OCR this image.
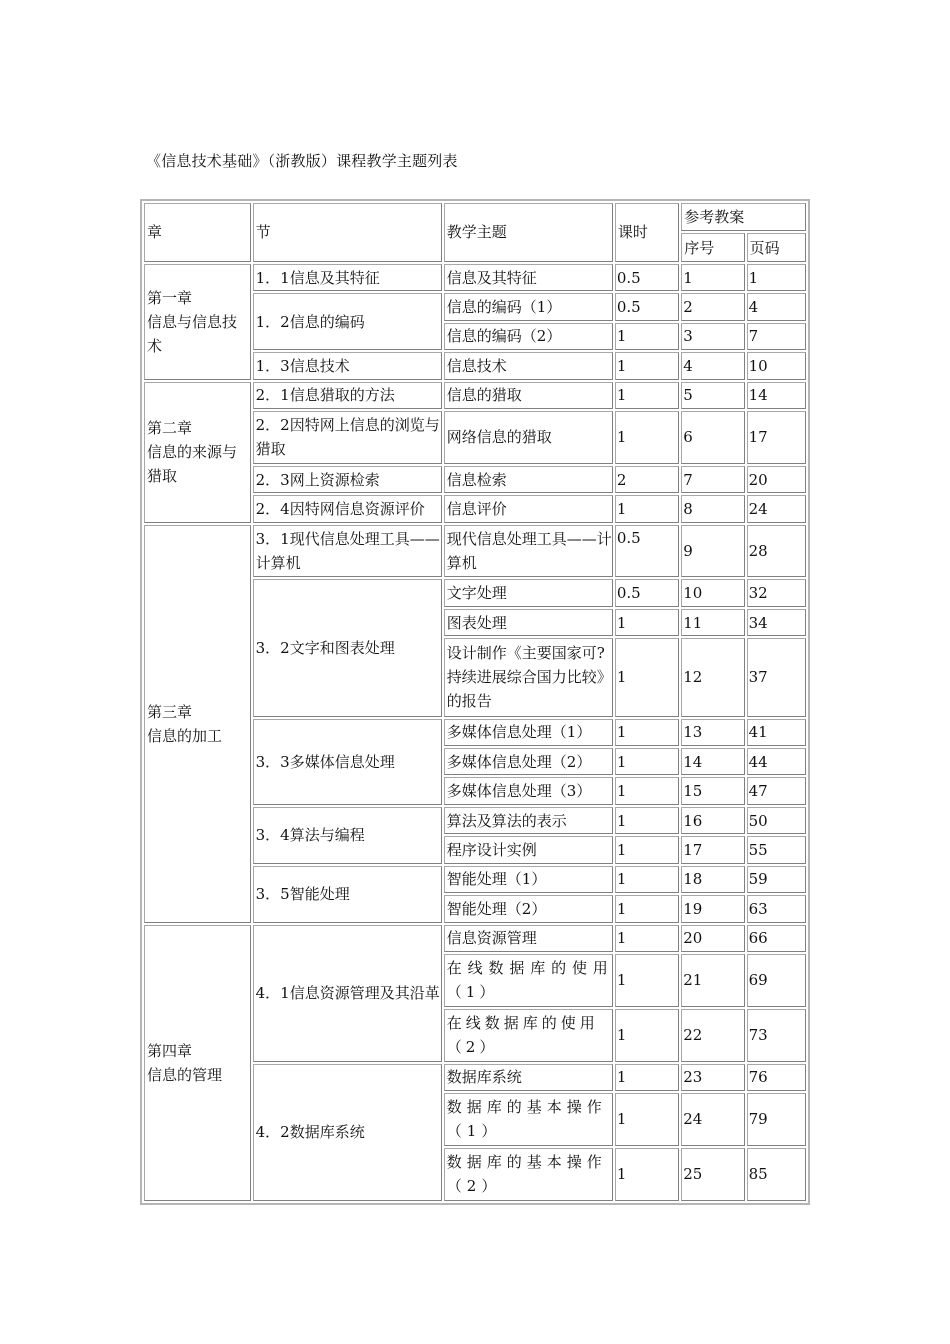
《信息技术基础》（浙教版）课程教学主题列表
章	节	教学主题	课时	参考教案	
				序号	页码

第一章
信息与信息技术	1．1信息及其特征	信息及其特征	0.5	1	1
	1．2信息的编码	信息的编码（1）	0.5	2	4
		信息的编码（2）	1	3	7
	1．3信息技术	信息技术	1	4	10

第二章
信息的来源与猎取	2．1信息猎取的方法	信息的猎取	1	5	14
	2．2因特网上信息的浏览与猎取	网络信息的猎取	1	6	17
	2．3网上资源检索	信息检索	2	7	20
	2．4因特网信息资源评价	信息评价	1	8	24

第三章
信息的加工	3．1现代信息处理工具——计算机	现代信息处理工具——计算机	0.5	9	28
	3．2文字和图表处理	文字处理	0.5	10	32
		图表处理	1	11	34
		设计制作《主要国家可?持续进展综合国力比较》的报告	1	12	37
	3．3多媒体信息处理	多媒体信息处理（1）	1	13	41
		多媒体信息处理（2）	1	14	44
		多媒体信息处理（3）	1	15	47
	3．4算法与编程	算法及算法的表示	1	16	50
		程序设计实例	1	17	55
	3．5智能处理	智能处理（1）	1	18	59
		智能处理（2）	1	19	63

第四章
信息的管理	4．1信息资源管理及其沿革	信息资源管理	1	20	66
		在线数据库的使用（1）	1	21	69
		在线数据库的使用（2）	1	22	73
	4．2数据库系统	数据库系统	1	23	76
		数据库的基本操作（1）	1	24	79
		数据库的基本操作（2）	1	25	85
